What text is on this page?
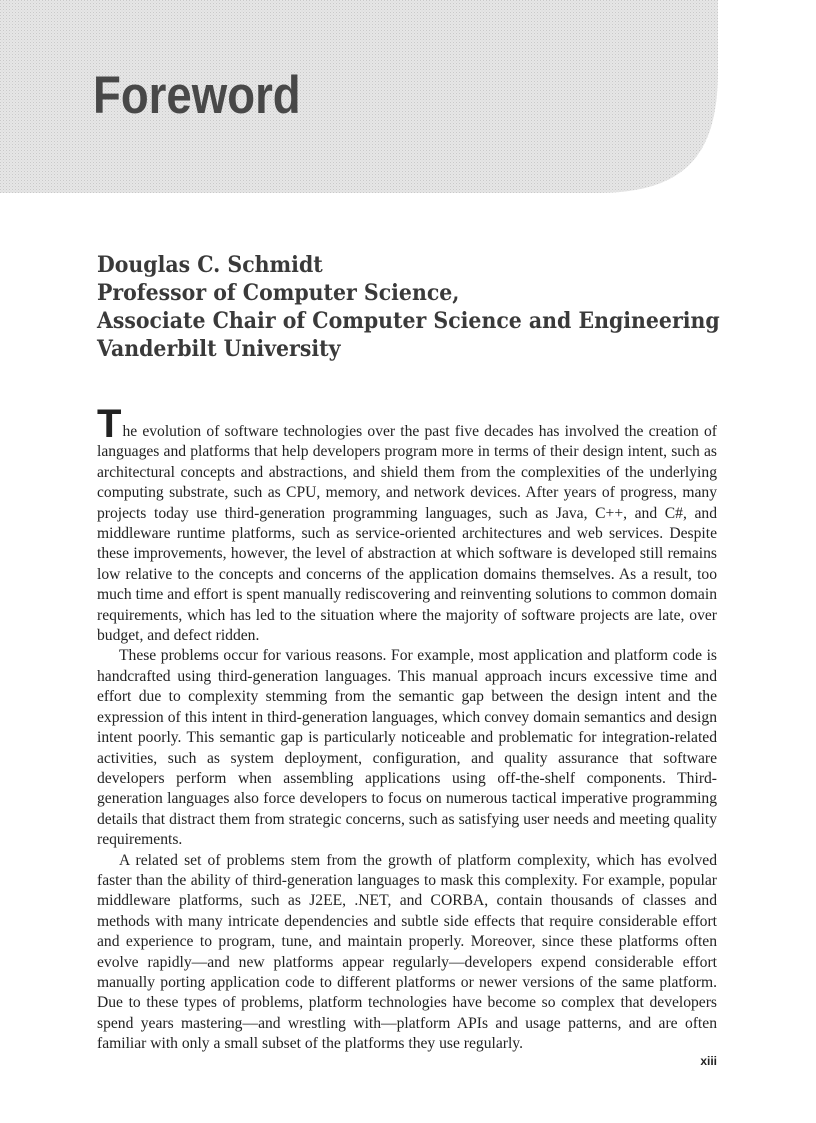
Foreword
Douglas C. Schmidt
Professor of Computer Science,
Associate Chair of Computer Science and Engineering
Vanderbilt University

The evolution of software technologies over the past five decades has involved the creation of languages and platforms that help developers program more in terms of their design intent, such as architectural concepts and abstractions, and shield them from the complexities of the underlying computing substrate, such as CPU, memory, and network devices. After years of progress, many projects today use third-generation programming languages, such as Java, C++, and C#, and middleware runtime platforms, such as service-oriented architectures and web services. Despite these improvements, however, the level of abstraction at which software is developed still remains low relative to the concepts and concerns of the application domains themselves. As a result, too much time and effort is spent manually rediscovering and reinventing solutions to common domain requirements, which has led to the situation where the majority of software projects are late, over budget, and defect ridden.

These problems occur for various reasons. For example, most application and platform code is handcrafted using third-generation languages. This manual approach incurs excessive time and effort due to complexity stemming from the semantic gap between the design intent and the expression of this intent in third-generation languages, which convey domain semantics and design intent poorly. This semantic gap is particularly noticeable and problematic for integration-related activities, such as system deployment, configuration, and quality assurance that software developers perform when assembling applications using off-the-shelf components. Third-generation languages also force developers to focus on numerous tactical imperative programming details that distract them from strategic concerns, such as satisfying user needs and meeting quality requirements.

A related set of problems stem from the growth of platform complexity, which has evolved faster than the ability of third-generation languages to mask this complexity. For example, popular middleware platforms, such as J2EE, .NET, and CORBA, contain thousands of classes and methods with many intricate dependencies and subtle side effects that require considerable effort and experience to program, tune, and maintain properly. Moreover, since these platforms often evolve rapidly—and new platforms appear regularly—developers expend considerable effort manually porting application code to different platforms or newer versions of the same platform. Due to these types of problems, platform technologies have become so complex that developers spend years mastering—and wrestling with—platform APIs and usage patterns, and are often familiar with only a small subset of the platforms they use regularly.

xiii
